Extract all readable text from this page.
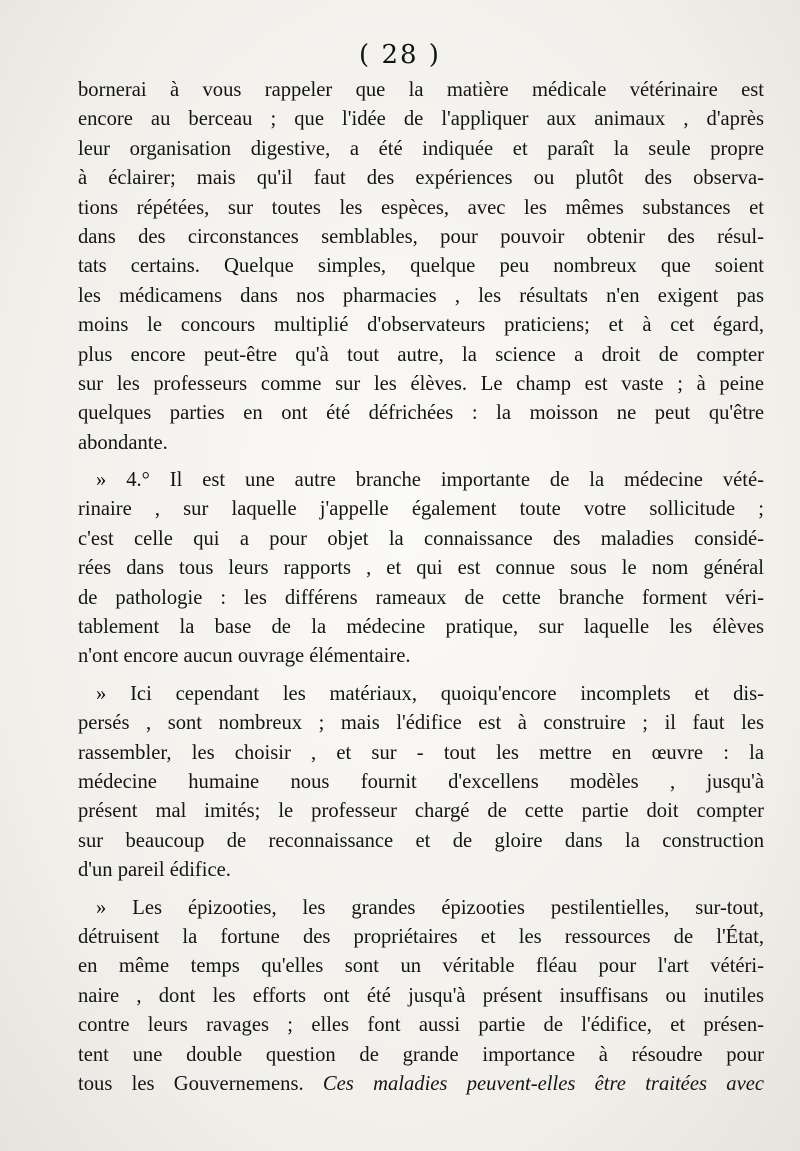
( 28 )
bornerai à vous rappeler que la matière médicale vétérinaire est
encore au berceau ; que l'idée de l'appliquer aux animaux , d'après
leur organisation digestive, a été indiquée et paraît la seule propre
à éclairer; mais qu'il faut des expériences ou plutôt des observa-
tions répétées, sur toutes les espèces, avec les mêmes substances et
dans des circonstances semblables, pour pouvoir obtenir des résul-
tats certains. Quelque simples, quelque peu nombreux que soient
les médicamens dans nos pharmacies , les résultats n'en exigent pas
moins le concours multiplié d'observateurs praticiens; et à cet égard,
plus encore peut-être qu'à tout autre, la science a droit de compter
sur les professeurs comme sur les élèves. Le champ est vaste ; à peine
quelques parties en ont été défrichées : la moisson ne peut qu'être
abondante.
» 4.° Il est une autre branche importante de la médecine vété-
rinaire , sur laquelle j'appelle également toute votre sollicitude ;
c'est celle qui a pour objet la connaissance des maladies considé-
rées dans tous leurs rapports , et qui est connue sous le nom général
de pathologie : les différens rameaux de cette branche forment véri-
tablement la base de la médecine pratique, sur laquelle les élèves
n'ont encore aucun ouvrage élémentaire.
» Ici cependant les matériaux, quoiqu'encore incomplets et dis-
persés , sont nombreux ; mais l'édifice est à construire ; il faut les
rassembler, les choisir , et sur - tout les mettre en œuvre : la
médecine humaine nous fournit d'excellens modèles , jusqu'à
présent mal imités; le professeur chargé de cette partie doit compter
sur beaucoup de reconnaissance et de gloire dans la construction
d'un pareil édifice.
» Les épizooties, les grandes épizooties pestilentielles, sur-tout,
détruisent la fortune des propriétaires et les ressources de l'État,
en même temps qu'elles sont un véritable fléau pour l'art vétéri-
naire , dont les efforts ont été jusqu'à présent insuffisans ou inutiles
contre leurs ravages ; elles font aussi partie de l'édifice, et présen-
tent une double question de grande importance à résoudre pour
tous les Gouvernemens. Ces maladies peuvent-elles être traitées avec
